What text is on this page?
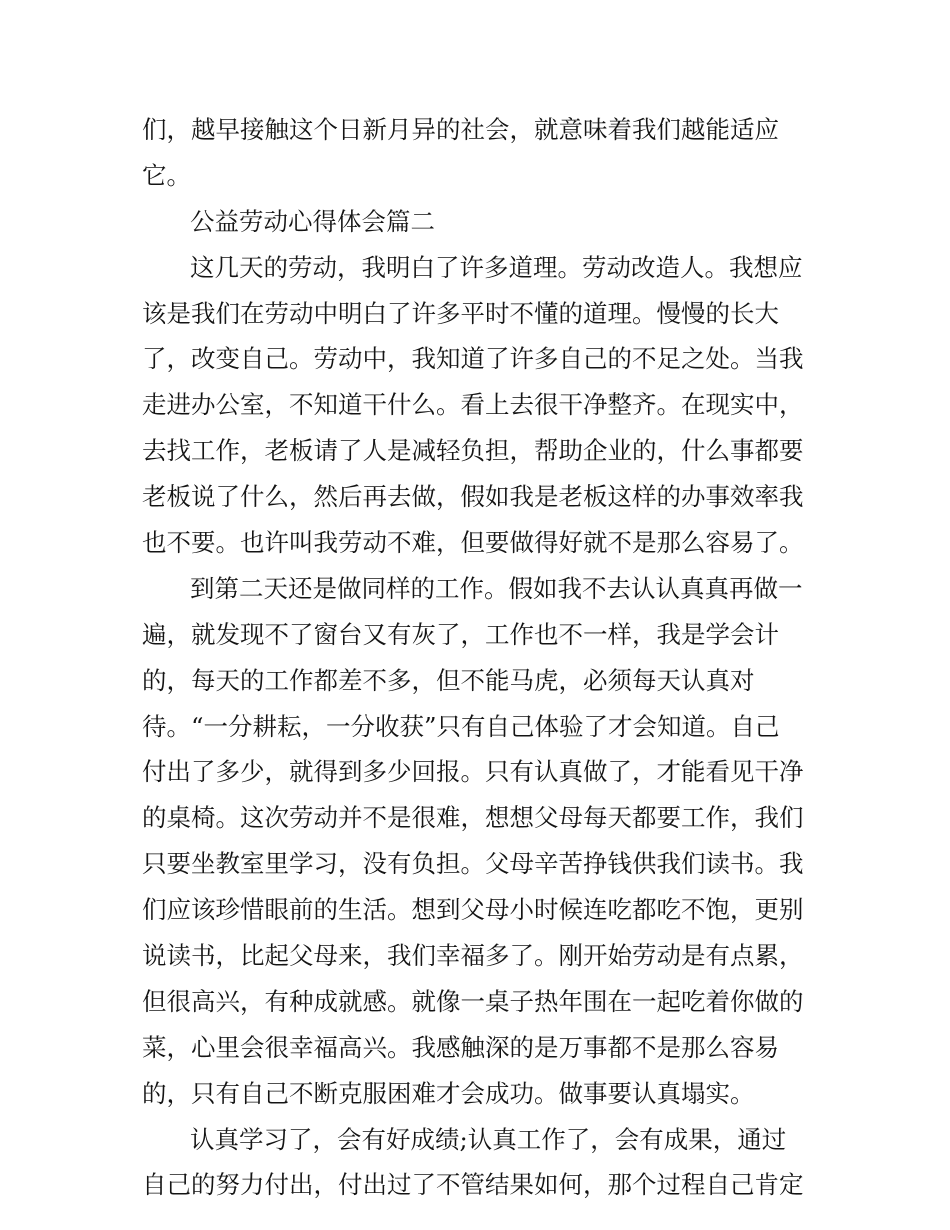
们，越早接触这个日新月异的社会，就意味着我们越能适应
它。
公益劳动心得体会篇二
这几天的劳动，我明白了许多道理。劳动改造人。我想应
该是我们在劳动中明白了许多平时不懂的道理。慢慢的长大
了，改变自己。劳动中，我知道了许多自己的不足之处。当我
走进办公室，不知道干什么。看上去很干净整齐。在现实中，
去找工作，老板请了人是减轻负担，帮助企业的，什么事都要
老板说了什么，然后再去做，假如我是老板这样的办事效率我
也不要。也许叫我劳动不难，但要做得好就不是那么容易了。
到第二天还是做同样的工作。假如我不去认认真真再做一
遍，就发现不了窗台又有灰了，工作也不一样，我是学会计
的，每天的工作都差不多，但不能马虎，必须每天认真对
待。“一分耕耘，一分收获”只有自己体验了才会知道。自己
付出了多少，就得到多少回报。只有认真做了，才能看见干净
的桌椅。这次劳动并不是很难，想想父母每天都要工作，我们
只要坐教室里学习，没有负担。父母辛苦挣钱供我们读书。我
们应该珍惜眼前的生活。想到父母小时候连吃都吃不饱，更别
说读书，比起父母来，我们幸福多了。刚开始劳动是有点累，
但很高兴，有种成就感。就像一桌子热年围在一起吃着你做的
菜，心里会很幸福高兴。我感触深的是万事都不是那么容易
的，只有自己不断克服困难才会成功。做事要认真塌实。
认真学习了，会有好成绩;认真工作了，会有成果，通过
自己的努力付出，付出过了不管结果如何，那个过程自己肯定
